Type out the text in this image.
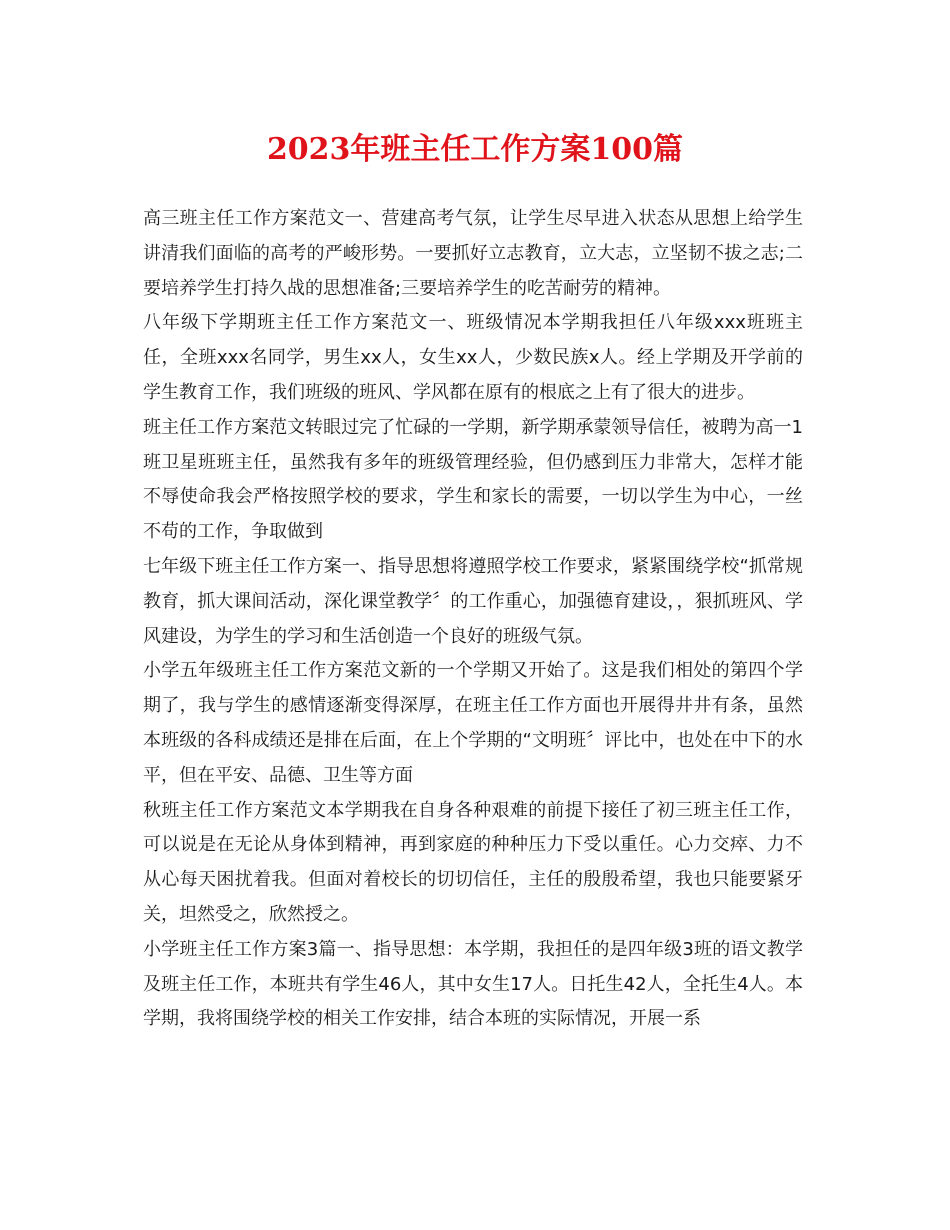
2023年班主任工作方案100篇

高三班主任工作方案范文一、营建高考气氛，让学生尽早进入状态从思想上给学生讲清我们面临的高考的严峻形势。一要抓好立志教育，立大志，立坚韧不拔之志;二要培养学生打持久战的思想准备;三要培养学生的吃苦耐劳的精神。

八年级下学期班主任工作方案范文一、班级情况本学期我担任八年级xxx班班主任，全班xxx名同学，男生xx人，女生xx人，少数民族x人。经上学期及开学前的学生教育工作，我们班级的班风、学风都在原有的根底之上有了很大的进步。

班主任工作方案范文转眼过完了忙碌的一学期，新学期承蒙领导信任，被聘为高一1班卫星班班主任，虽然我有多年的班级管理经验，但仍感到压力非常大，怎样才能不辱使命我会严格按照学校的要求，学生和家长的需要，一切以学生为中心，一丝不苟的工作，争取做到

七年级下班主任工作方案一、指导思想将遵照学校工作要求，紧紧围绕学校“抓常规教育，抓大课间活动，深化课堂教学〞的工作重心，加强德育建设，，狠抓班风、学风建设，为学生的学习和生活创造一个良好的班级气氛。

小学五年级班主任工作方案范文新的一个学期又开始了。这是我们相处的第四个学期了，我与学生的感情逐渐变得深厚，在班主任工作方面也开展得井井有条，虽然本班级的各科成绩还是排在后面，在上个学期的“文明班〞评比中，也处在中下的水平，但在平安、品德、卫生等方面

秋班主任工作方案范文本学期我在自身各种艰难的前提下接任了初三班主任工作，可以说是在无论从身体到精神，再到家庭的种种压力下受以重任。心力交瘁、力不从心每天困扰着我。但面对着校长的切切信任，主任的殷殷希望，我也只能要紧牙关，坦然受之，欣然授之。

小学班主任工作方案3篇一、指导思想：本学期，我担任的是四年级3班的语文教学及班主任工作，本班共有学生46人，其中女生17人。日托生42人，全托生4人。本学期，我将围绕学校的相关工作安排，结合本班的实际情况，开展一系
